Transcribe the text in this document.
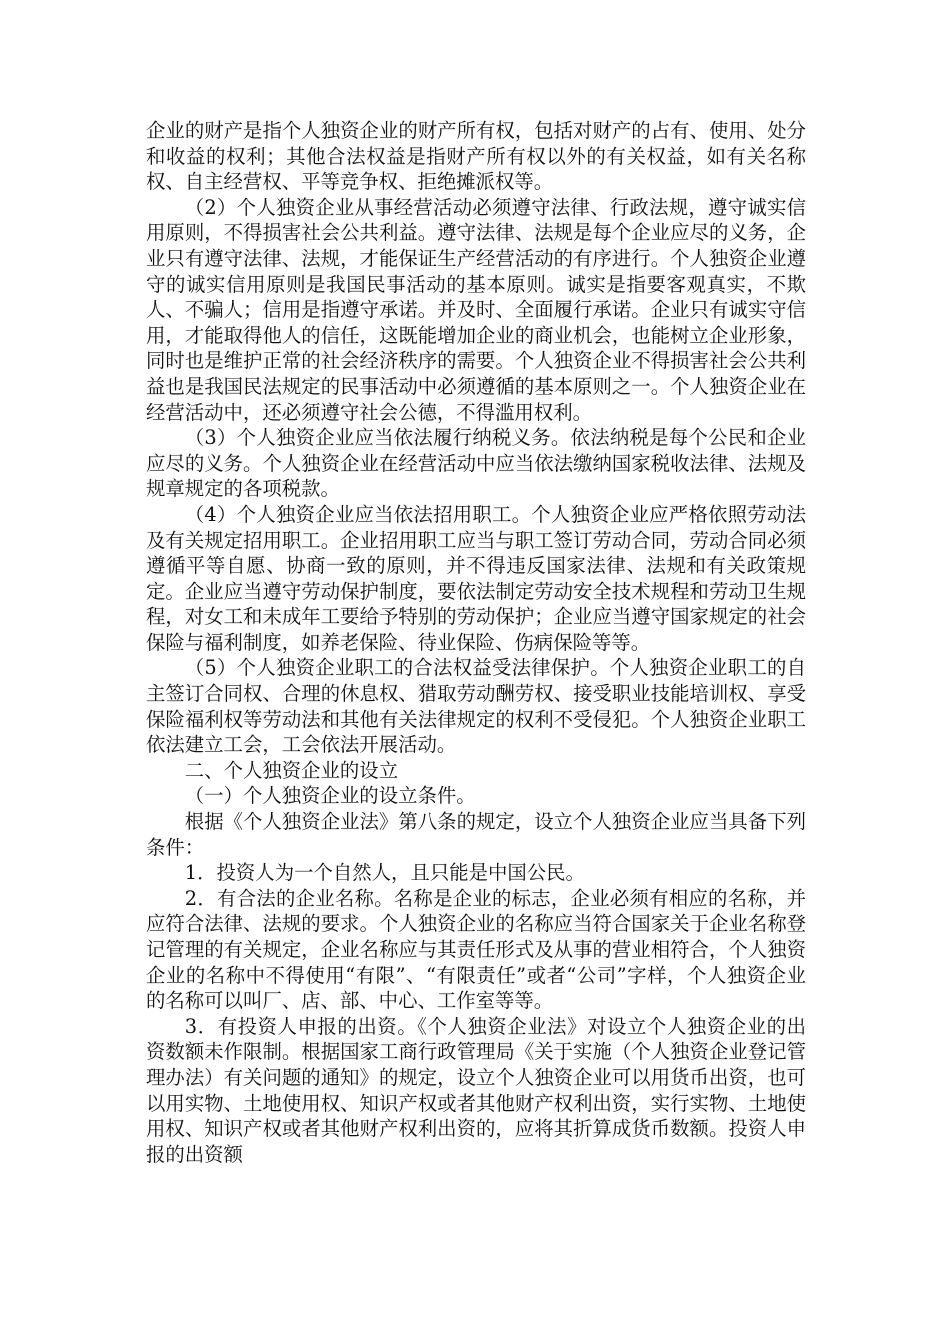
企业的财产是指个人独资企业的财产所有权，包括对财产的占有、使用、处分和收益的权利；其他合法权益是指财产所有权以外的有关权益，如有关名称权、自主经营权、平等竞争权、拒绝摊派权等。

（2）个人独资企业从事经营活动必须遵守法律、行政法规，遵守诚实信用原则，不得损害社会公共利益。遵守法律、法规是每个企业应尽的义务，企业只有遵守法律、法规，才能保证生产经营活动的有序进行。个人独资企业遵守的诚实信用原则是我国民事活动的基本原则。诚实是指要客观真实，不欺人、不骗人；信用是指遵守承诺。并及时、全面履行承诺。企业只有诚实守信用，才能取得他人的信任，这既能增加企业的商业机会，也能树立企业形象，同时也是维护正常的社会经济秩序的需要。个人独资企业不得损害社会公共利益也是我国民法规定的民事活动中必须遵循的基本原则之一。个人独资企业在经营活动中，还必须遵守社会公德，不得滥用权利。

（3）个人独资企业应当依法履行纳税义务。依法纳税是每个公民和企业应尽的义务。个人独资企业在经营活动中应当依法缴纳国家税收法律、法规及规章规定的各项税款。

（4）个人独资企业应当依法招用职工。个人独资企业应严格依照劳动法及有关规定招用职工。企业招用职工应当与职工签订劳动合同，劳动合同必须遵循平等自愿、协商一致的原则，并不得违反国家法律、法规和有关政策规定。企业应当遵守劳动保护制度，要依法制定劳动安全技术规程和劳动卫生规程，对女工和未成年工要给予特别的劳动保护；企业应当遵守国家规定的社会保险与福利制度，如养老保险、待业保险、伤病保险等等。

（5）个人独资企业职工的合法权益受法律保护。个人独资企业职工的自主签订合同权、合理的休息权、猎取劳动酬劳权、接受职业技能培训权、享受保险福利权等劳动法和其他有关法律规定的权利不受侵犯。个人独资企业职工依法建立工会，工会依法开展活动。

二、个人独资企业的设立

（一）个人独资企业的设立条件。

根据《个人独资企业法》第八条的规定，设立个人独资企业应当具备下列条件：

1．投资人为一个自然人，且只能是中国公民。

2．有合法的企业名称。名称是企业的标志，企业必须有相应的名称，并应符合法律、法规的要求。个人独资企业的名称应当符合国家关于企业名称登记管理的有关规定，企业名称应与其责任形式及从事的营业相符合，个人独资企业的名称中不得使用“有限”、“有限责任”或者“公司”字样，个人独资企业的名称可以叫厂、店、部、中心、工作室等等。

3．有投资人申报的出资。《个人独资企业法》对设立个人独资企业的出资数额未作限制。根据国家工商行政管理局《关于实施（个人独资企业登记管理办法）有关问题的通知》的规定，设立个人独资企业可以用货币出资，也可以用实物、土地使用权、知识产权或者其他财产权利出资，实行实物、土地使用权、知识产权或者其他财产权利出资的，应将其折算成货币数额。投资人申报的出资额
